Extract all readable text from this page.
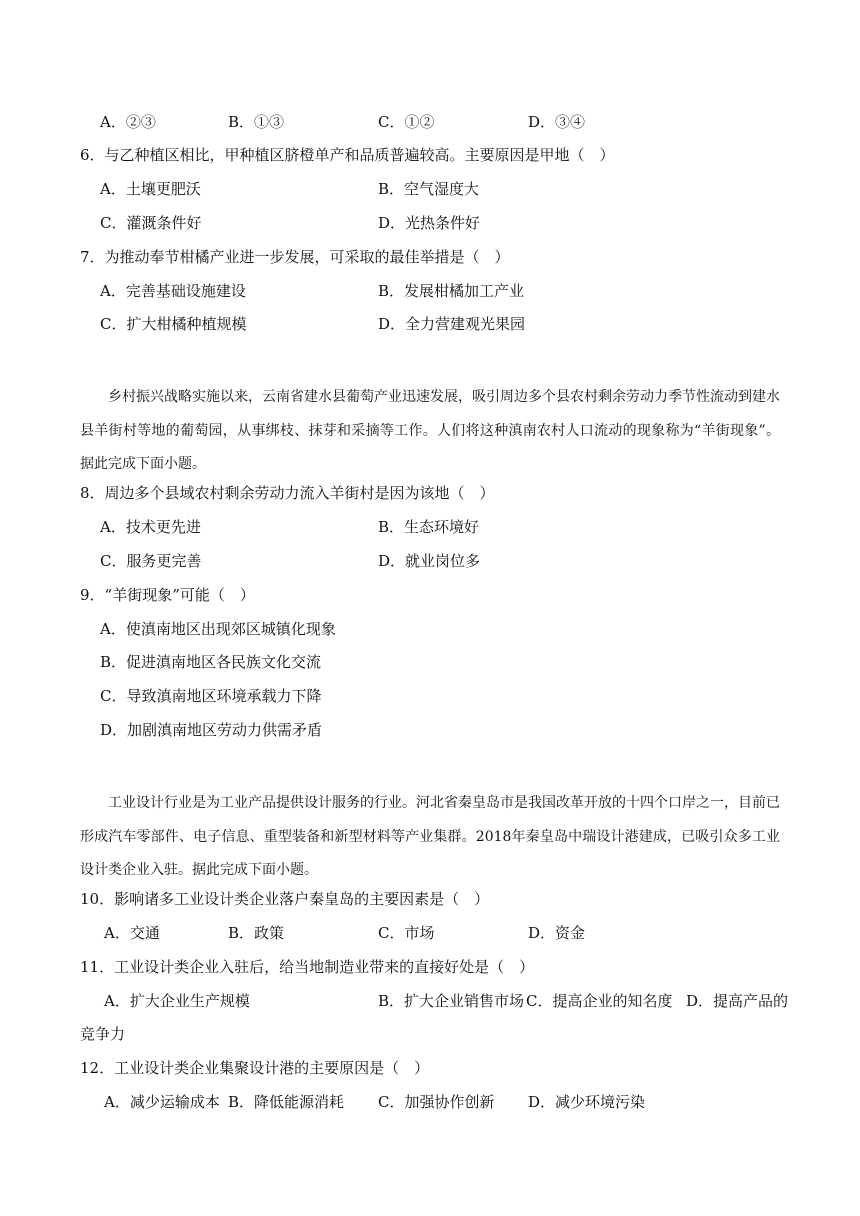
A．②③	B．①③	C．①②	D．③④
6．与乙种植区相比，甲种植区脐橙单产和品质普遍较高。主要原因是甲地（　）
A．土壤更肥沃	B．空气湿度大
C．灌溉条件好	D．光热条件好
7．为推动奉节柑橘产业进一步发展，可采取的最佳举措是（　）
A．完善基础设施建设	B．发展柑橘加工产业
C．扩大柑橘种植规模	D．全力营建观光果园

乡村振兴战略实施以来，云南省建水县葡萄产业迅速发展，吸引周边多个县农村剩余劳动力季节性流动到建水县羊街村等地的葡萄园，从事绑枝、抹芽和采摘等工作。人们将这种滇南农村人口流动的现象称为“羊街现象”。据此完成下面小题。

8．周边多个县域农村剩余劳动力流入羊街村是因为该地（　）
A．技术更先进	B．生态环境好
C．服务更完善	D．就业岗位多
9．“羊街现象”可能（　）
A．使滇南地区出现郊区城镇化现象
B．促进滇南地区各民族文化交流
C．导致滇南地区环境承载力下降
D．加剧滇南地区劳动力供需矛盾

工业设计行业是为工业产品提供设计服务的行业。河北省秦皇岛市是我国改革开放的十四个口岸之一，目前已形成汽车零部件、电子信息、重型装备和新型材料等产业集群。2018年秦皇岛中瑞设计港建成，已吸引众多工业设计类企业入驻。据此完成下面小题。

10．影响诸多工业设计类企业落户秦皇岛的主要因素是（　）
A．交通	B．政策	C．市场	D．资金
11．工业设计类企业入驻后，给当地制造业带来的直接好处是（　）
A．扩大企业生产规模	B．扩大企业销售市场 C．提高企业的知名度 D．提高产品的
竞争力
12．工业设计类企业集聚设计港的主要原因是（　）
A．减少运输成本 B．降低能源消耗 C．加强协作创新 D．减少环境污染
